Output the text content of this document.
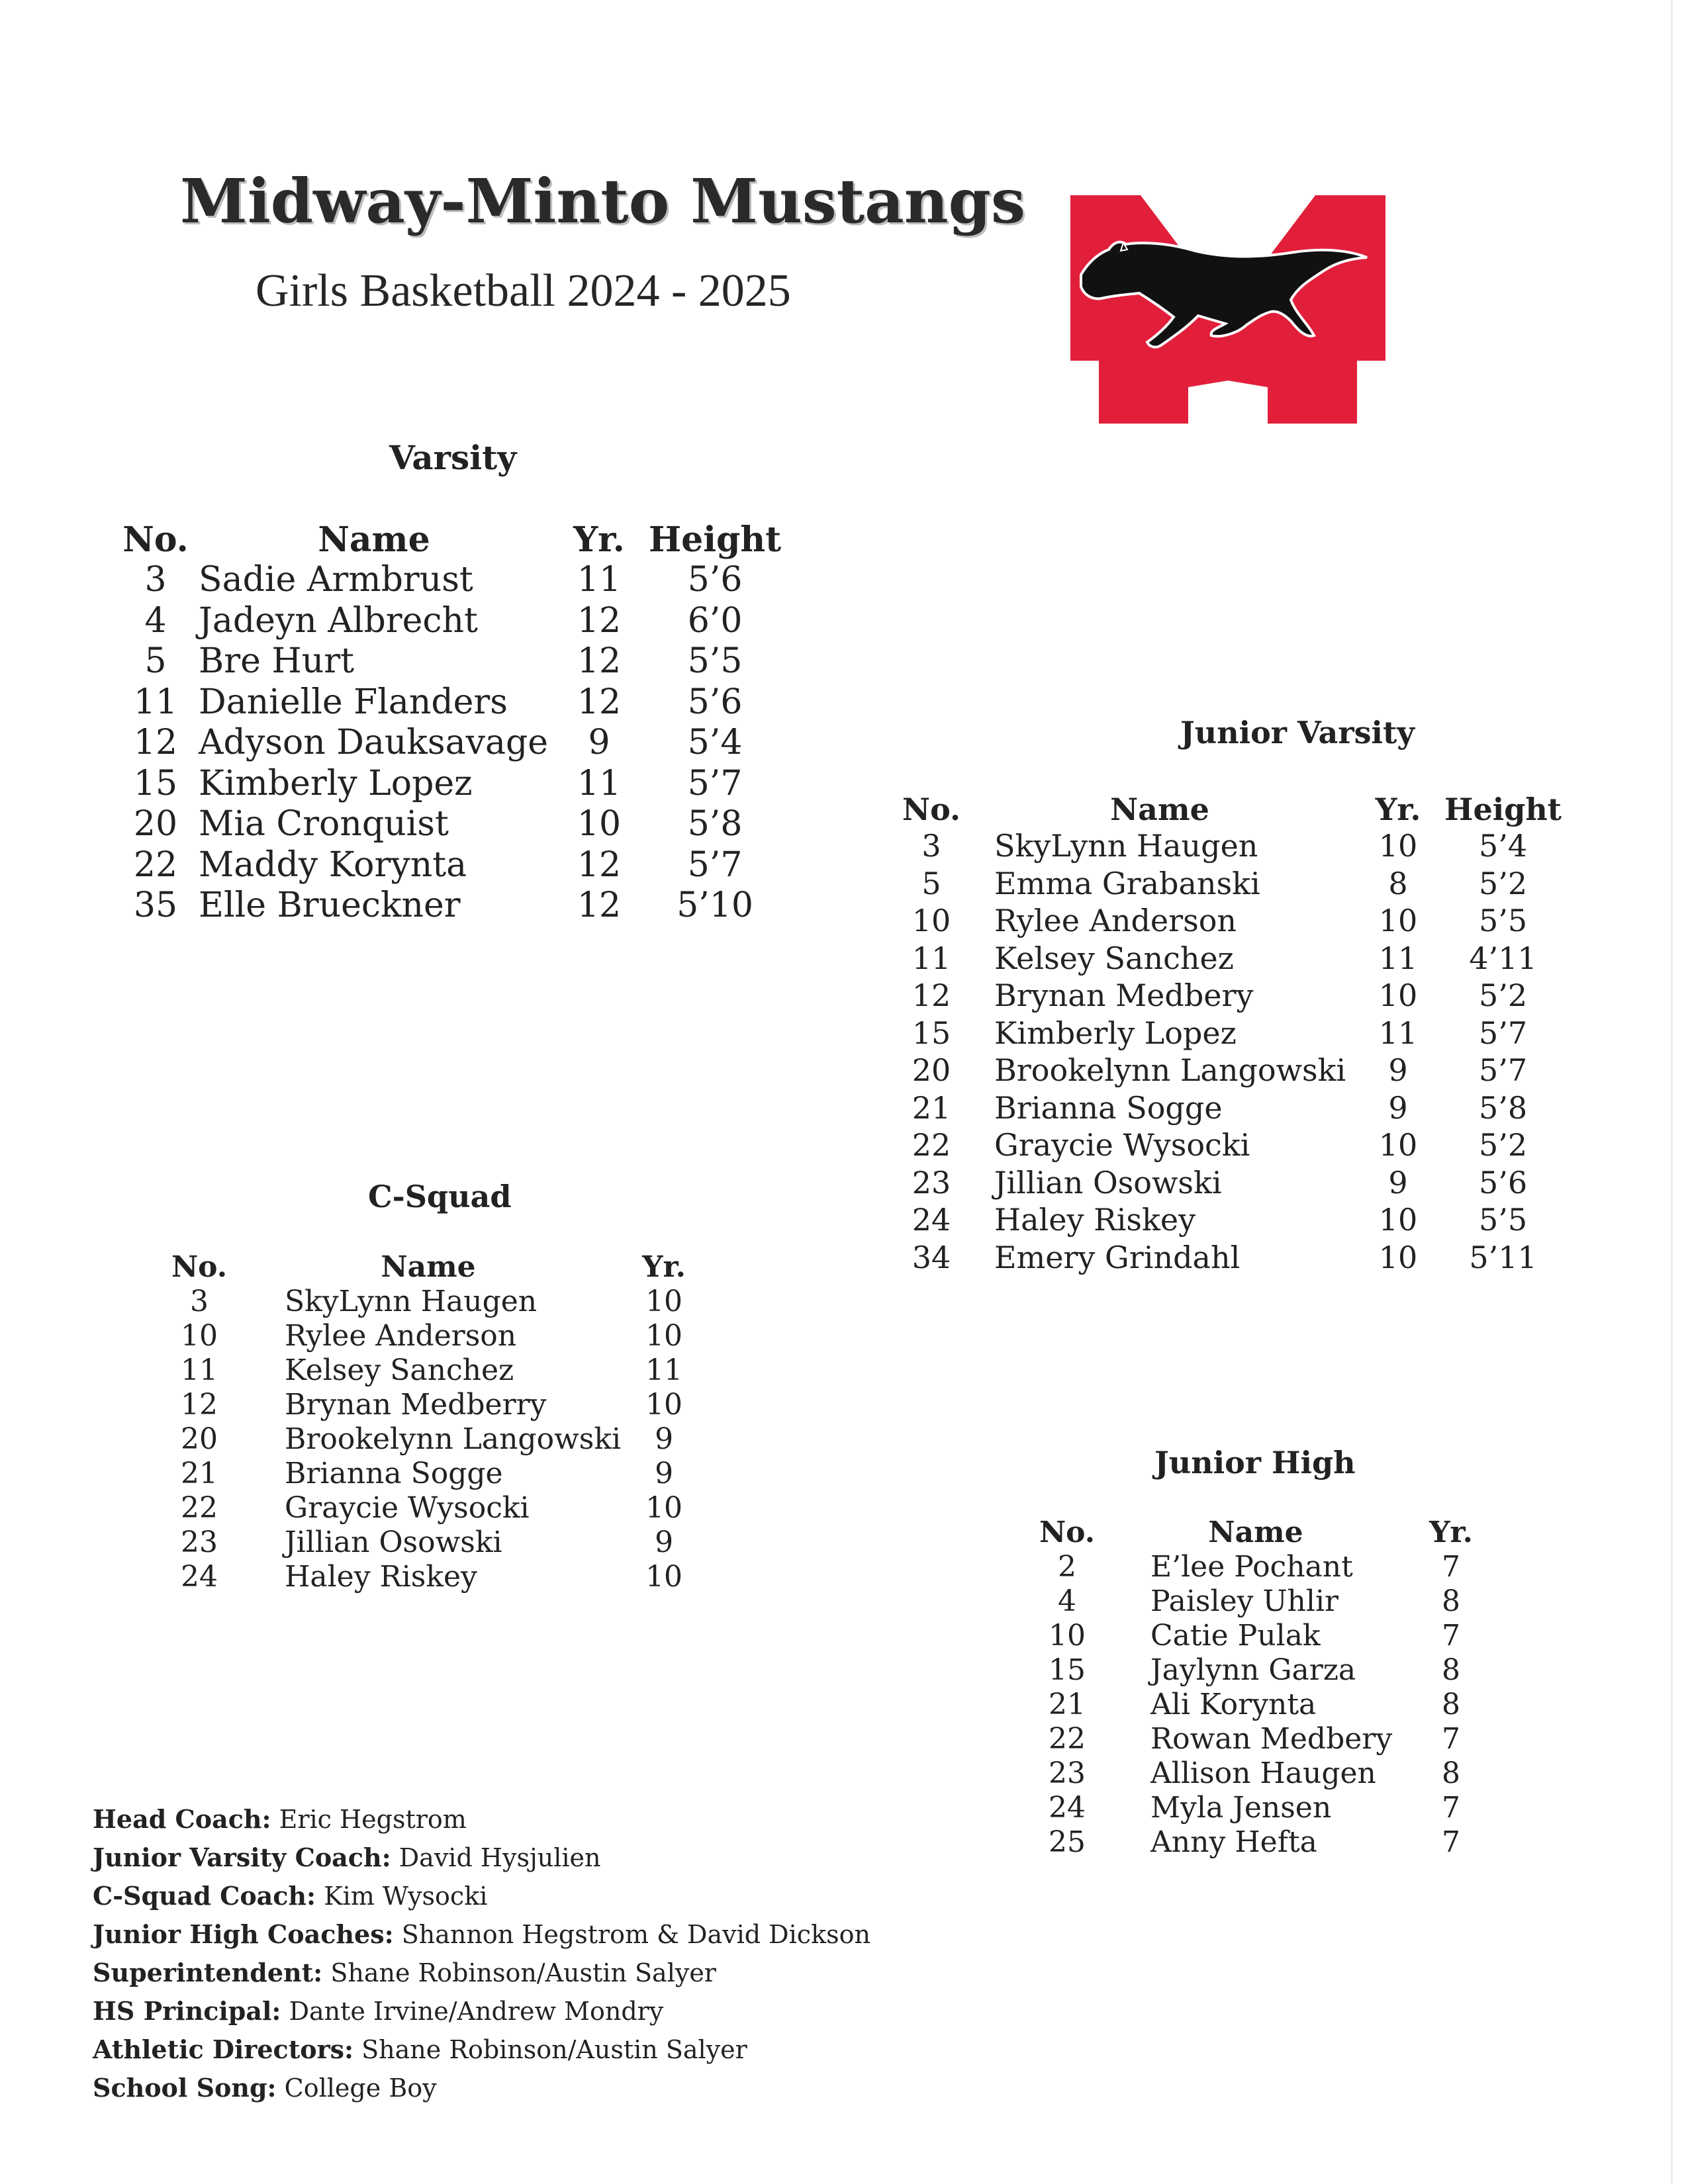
Midway-Minto Mustangs
Girls Basketball 2024 - 2025
Varsity
No.	Name	Yr.	Height
3	Sadie Armbrust	11	5’6
4	Jadeyn Albrecht	12	6’0
5	Bre Hurt	12	5’5
11	Danielle Flanders	12	5’6
12	Adyson Dauksavage	9	5’4
15	Kimberly Lopez	11	5’7
20	Mia Cronquist	10	5’8
22	Maddy Korynta	12	5’7
35	Elle Brueckner	12	5’10
Junior Varsity
No.	Name	Yr.	Height
3	SkyLynn Haugen	10	5’4
5	Emma Grabanski	8	5’2
10	Rylee Anderson	10	5’5
11	Kelsey Sanchez	11	4’11
12	Brynan Medbery	10	5’2
15	Kimberly Lopez	11	5’7
20	Brookelynn Langowski	9	5’7
21	Brianna Sogge	9	5’8
22	Graycie Wysocki	10	5’2
23	Jillian Osowski	9	5’6
24	Haley Riskey	10	5’5
34	Emery Grindahl	10	5’11
C-Squad
No.	Name	Yr.
3	SkyLynn Haugen	10
10	Rylee Anderson	10
11	Kelsey Sanchez	11
12	Brynan Medberry	10
20	Brookelynn Langowski	9
21	Brianna Sogge	9
22	Graycie Wysocki	10
23	Jillian Osowski	9
24	Haley Riskey	10
Junior High
No.	Name	Yr.
2	E’lee Pochant	7
4	Paisley Uhlir	8
10	Catie Pulak	7
15	Jaylynn Garza	8
21	Ali Korynta	8
22	Rowan Medbery	7
23	Allison Haugen	8
24	Myla Jensen	7
25	Anny Hefta	7
Head Coach: Eric Hegstrom
Junior Varsity Coach: David Hysjulien
C-Squad Coach: Kim Wysocki
Junior High Coaches: Shannon Hegstrom & David Dickson
Superintendent: Shane Robinson/Austin Salyer
HS Principal: Dante Irvine/Andrew Mondry
Athletic Directors: Shane Robinson/Austin Salyer
School Song: College Boy
